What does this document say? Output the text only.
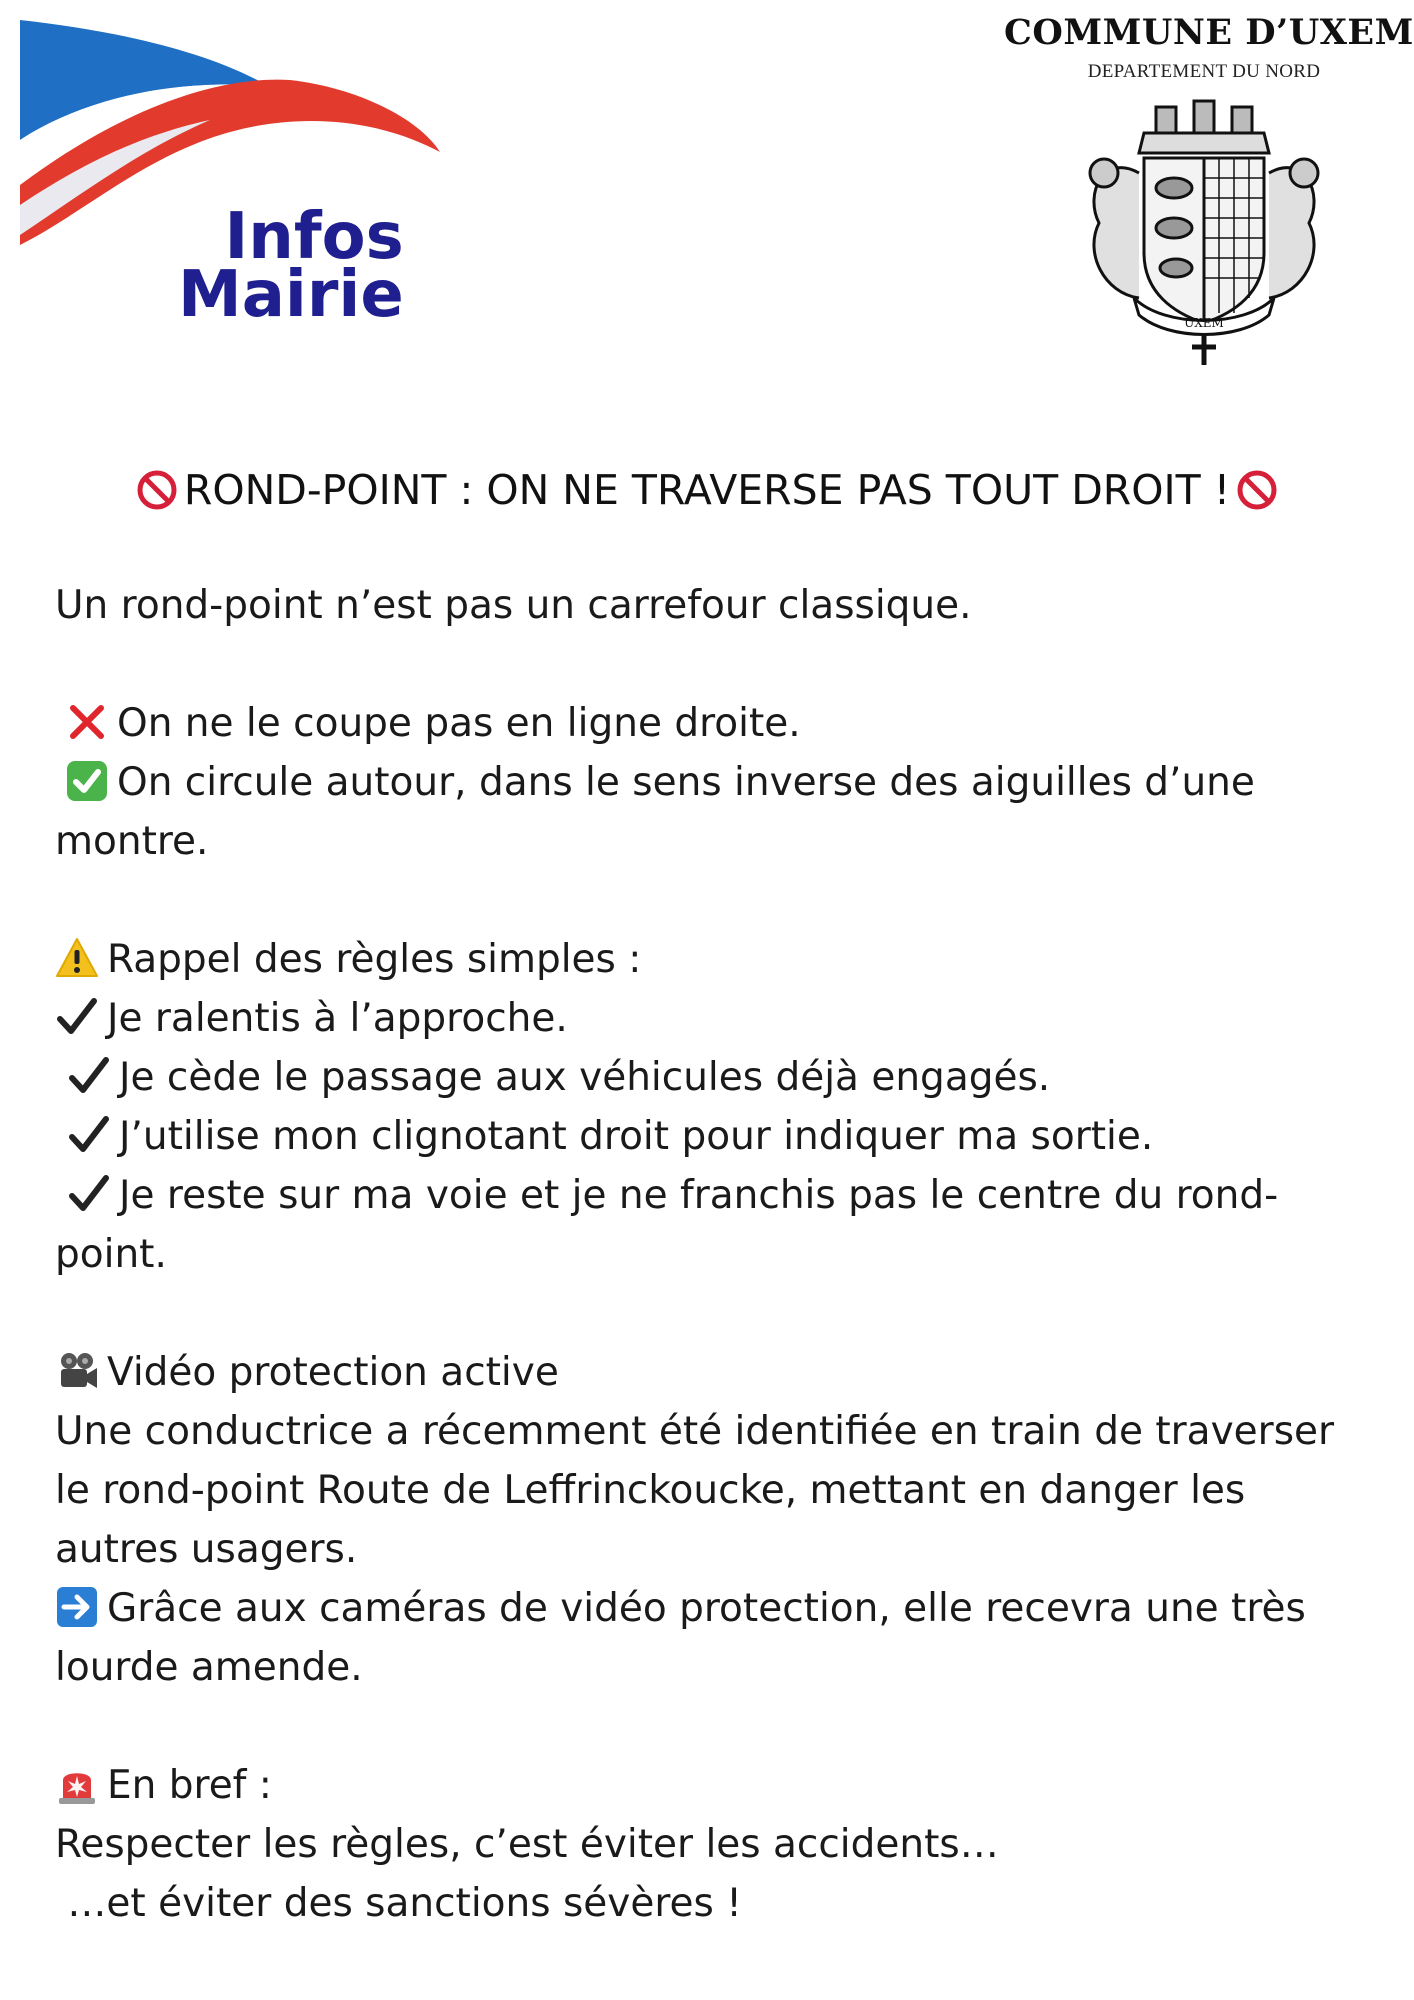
Infos
Mairie
COMMUNE D’UXEM
DEPARTEMENT DU NORD
UXEM
ROND-POINT : ON NE TRAVERSE PAS TOUT DROIT !
Un rond-point n’est pas un carrefour classique.
On ne le coupe pas en ligne droite.
On circule autour, dans le sens inverse des aiguilles d’une
montre.
Rappel des règles simples :
Je ralentis à l’approche.
Je cède le passage aux véhicules déjà engagés.
J’utilise mon clignotant droit pour indiquer ma sortie.
Je reste sur ma voie et je ne franchis pas le centre du rond-
point.
Vidéo protection active
Une conductrice a récemment été identifiée en train de traverser
le rond-point Route de Leffrinckoucke, mettant en danger les
autres usagers.
Grâce aux caméras de vidéo protection, elle recevra une très
lourde amende.
En bref :
Respecter les règles, c’est éviter les accidents…
…et éviter des sanctions sévères !
